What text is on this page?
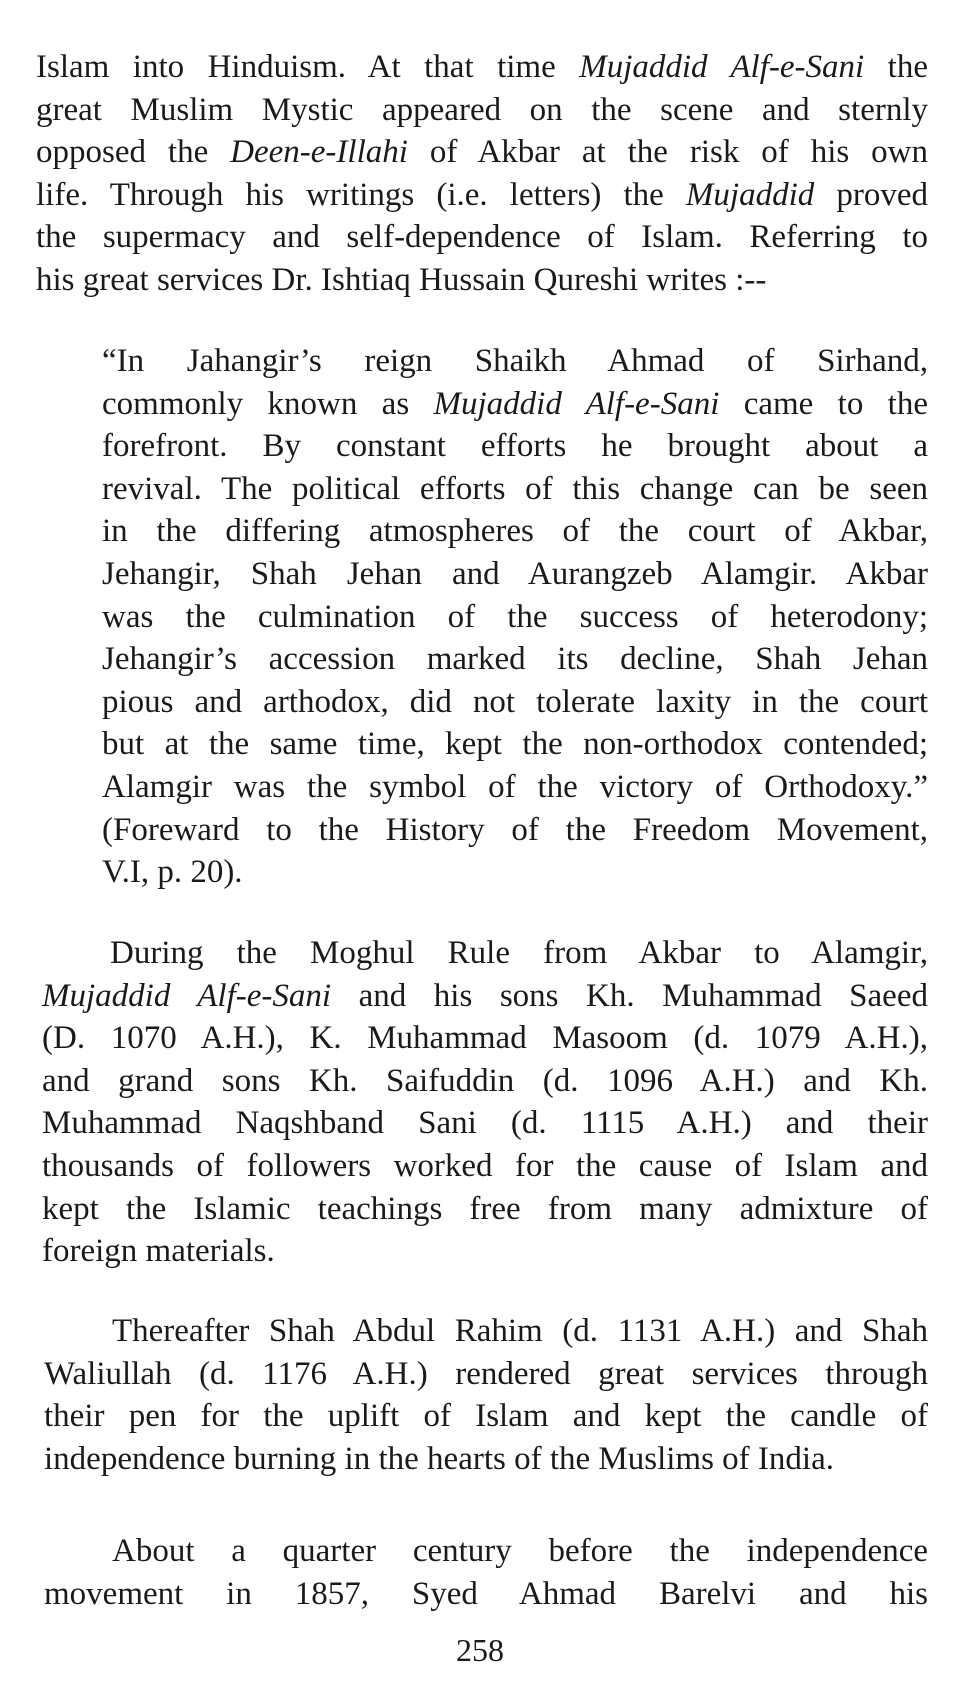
Islam into Hinduism. At that time Mujaddid Alf-e-Sani the
great Muslim Mystic appeared on the scene and sternly
opposed the Deen-e-Illahi of Akbar at the risk of his own
life. Through his writings (i.e. letters) the Mujaddid proved
the supermacy and self-dependence of Islam. Referring to
his great services Dr. Ishtiaq Hussain Qureshi writes :--
“In Jahangir’s reign Shaikh Ahmad of Sirhand,
commonly known as Mujaddid Alf-e-Sani came to the
forefront. By constant efforts he brought about a
revival. The political efforts of this change can be seen
in the differing atmospheres of the court of Akbar,
Jehangir, Shah Jehan and Aurangzeb Alamgir. Akbar
was the culmination of the success of heterodony;
Jehangir’s accession marked its decline, Shah Jehan
pious and arthodox, did not tolerate laxity in the court
but at the same time, kept the non-orthodox contended;
Alamgir was the symbol of the victory of Orthodoxy.”
(Foreward to the History of the Freedom Movement,
V.I, p. 20).
During the Moghul Rule from Akbar to Alamgir,
Mujaddid Alf-e-Sani and his sons Kh. Muhammad Saeed
(D. 1070 A.H.), K. Muhammad Masoom (d. 1079 A.H.),
and grand sons Kh. Saifuddin (d. 1096 A.H.) and Kh.
Muhammad Naqshband Sani (d. 1115 A.H.) and their
thousands of followers worked for the cause of Islam and
kept the Islamic teachings free from many admixture of
foreign materials.
Thereafter Shah Abdul Rahim (d. 1131 A.H.) and Shah
Waliullah (d. 1176 A.H.) rendered great services through
their pen for the uplift of Islam and kept the candle of
independence burning in the hearts of the Muslims of India.
About a quarter century before the independence
movement in 1857, Syed Ahmad Barelvi and his
258
